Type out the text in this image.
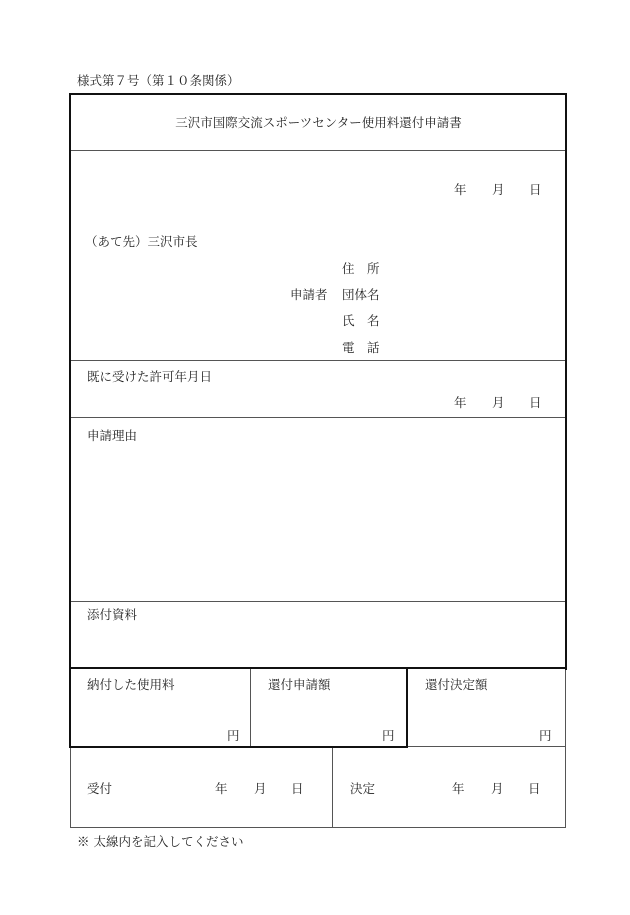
様式第７号（第１０条関係）
三沢市国際交流スポーツセンター使用料還付申請書
年 月 日
（あて先）三沢市長
住　所
申請者 団体名
氏　名
電　話
既に受けた許可年月日
年 月 日
申請理由
添付資料
納付した使用料
円
還付申請額
円
還付決定額
円
受付	年 月 日	決定	年 月 日
※ 太線内を記入してください
